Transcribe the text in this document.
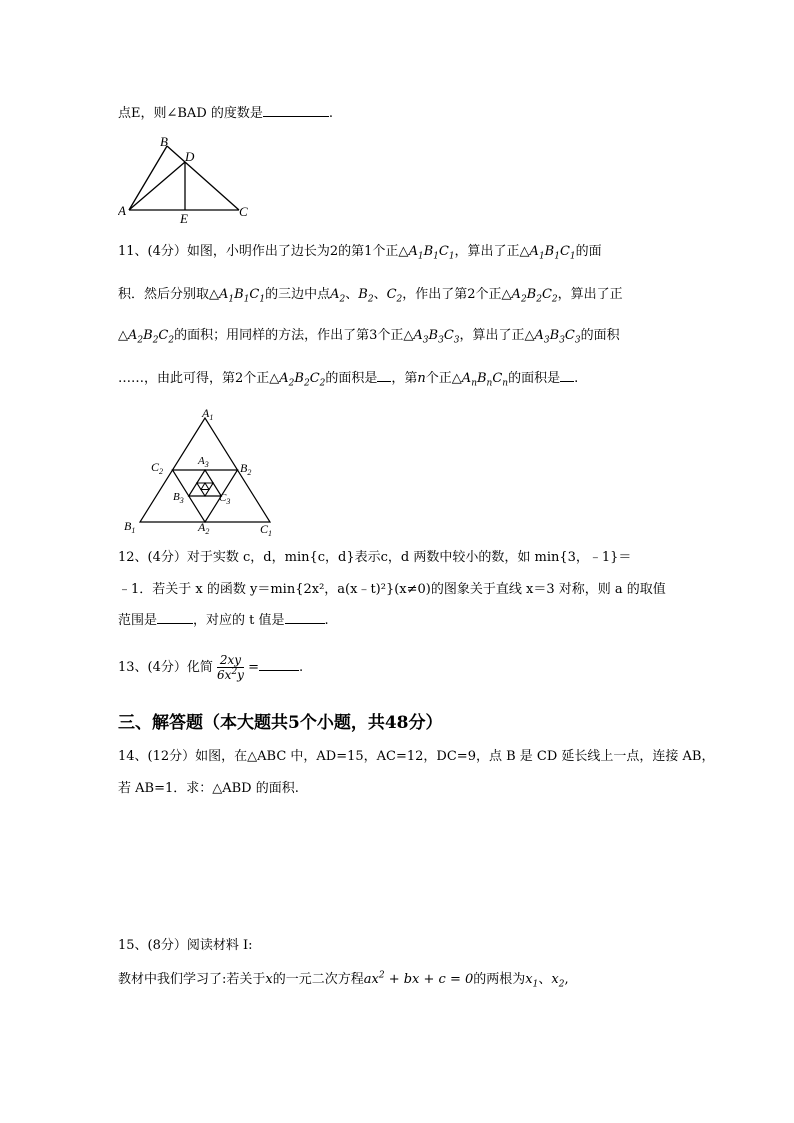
点E，则∠BAD 的度数是	.
A
B
C
D
E
11、(4分）如图，小明作出了边长为2的第1个正$\triangle A_1B_1C_1$，算出了正$\triangle A_1B_1C_1$的面
积．然后分别取$\triangle A_1B_1C_1$的三边中点$A_2$、$B_2$、$C_2$，作出了第2个正$\triangle A_2B_2C_2$，算出了正
$\triangle A_2B_2C_2$的面积；用同样的方法，作出了第3个正$\triangle A_3B_3C_3$，算出了正$\triangle A_3B_3C_3$的面积
……，由此可得，第2个正$\triangle A_2B_2C_2$的面积是 ，第n个正$\triangle A_nB_nC_n$的面积是 .
$A_1$
$B_1$	$C_1$
$A_2$
$B_2$
$C_2$
$A_3$
$B_3$	$C_3$
12、(4分）对于实数 c，d，min{c，d}表示c，d 两数中较小的数，如 min{3，﹣1}＝
﹣1．若关于 x 的函数 y＝min{2x²，a(x﹣t)²}(x≠0)的图象关于直线 x＝3 对称，则 a 的取值
范围是	，对应的 t 值是	.
13、(4分）化简 $\frac{2xy}{6x^2y}$ =	.
三、解答题（本大题共5个小题，共48分）
14、(12分）如图，在△ABC 中，AD=15，AC=12，DC=9，点 B 是 CD 延长线上一点，连接 AB，
若 AB=1．求：△ABD 的面积.
15、(8分）阅读材料 I:
教材中我们学习了:若关于x的一元二次方程$ax^2$ + bx + c = 0的两根为$x_1$、$x_2$,
